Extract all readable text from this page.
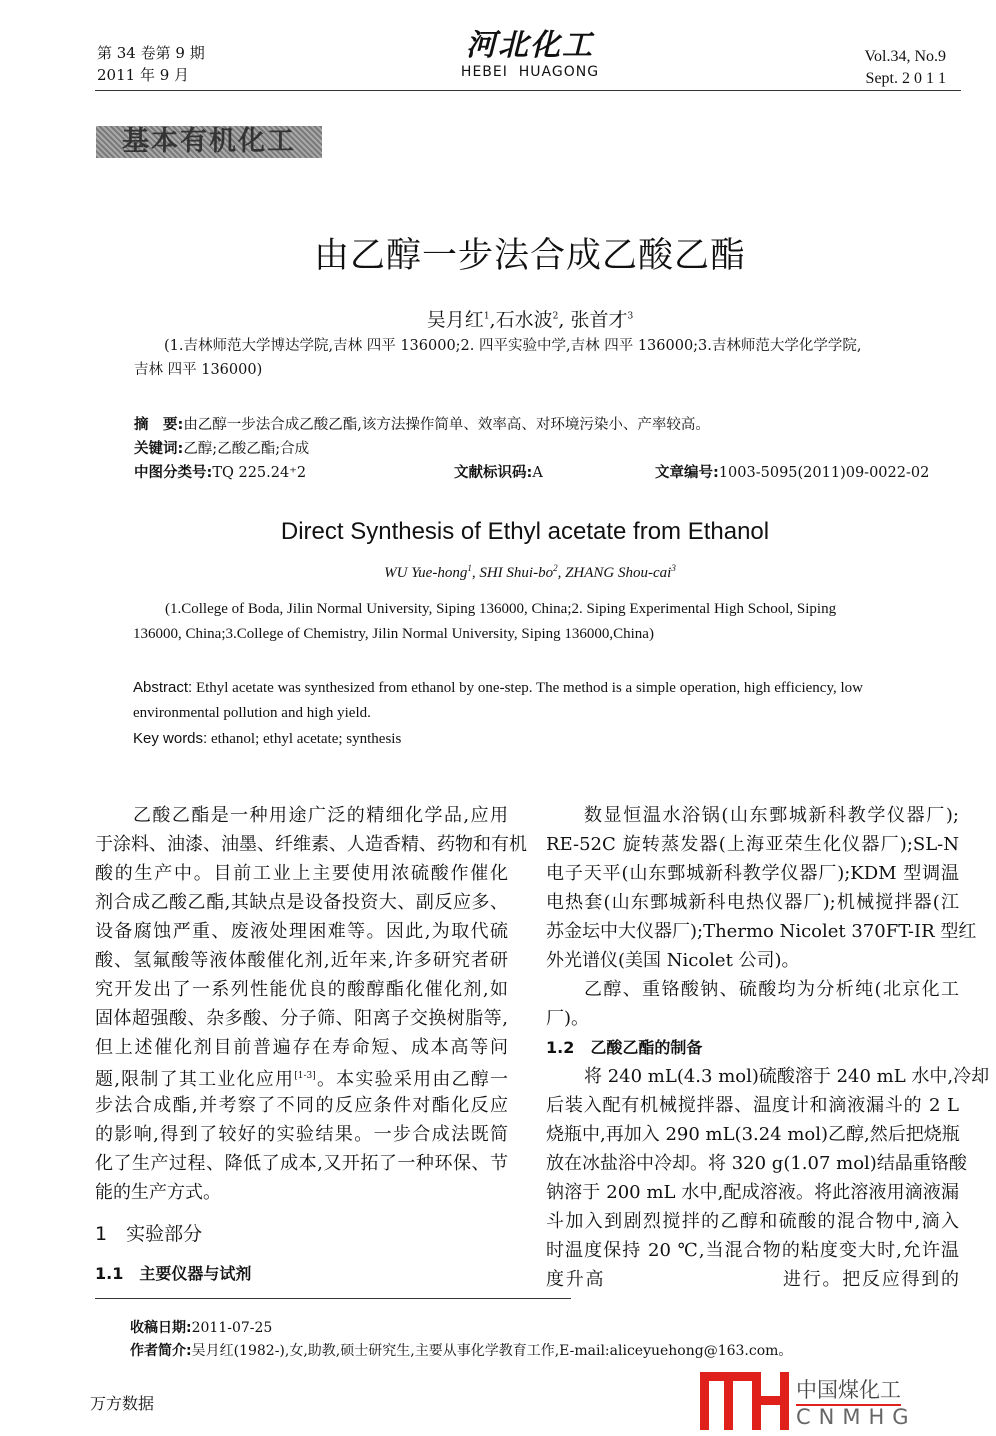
第 34 卷第 9 期
2011 年 9 月
河北化工
HEBEI  HUAGONG
Vol.34, No.9
Sept. 2 0 1 1
基本有机化工
由乙醇一步法合成乙酸乙酯
吴月红$^1$,石水波$^2$, 张首才$^3$
(1.吉林师范大学博达学院,吉林 四平 136000;2. 四平实验中学,吉林 四平 136000;3.吉林师范大学化学学院,
吉林 四平 136000)
摘　要:由乙醇一步法合成乙酸乙酯,该方法操作简单、效率高、对环境污染小、产率较高。
关键词:乙醇;乙酸乙酯;合成
中图分类号:TQ 225.24⁺2	文献标识码:A	文章编号:1003-5095(2011)09-0022-02
Direct Synthesis of Ethyl acetate from Ethanol
WU Yue-hong$^1$, SHI Shui-$bo^2$, ZHANG Shou-cai$^3$
(1.College of Boda, Jilin Normal University, Siping 136000, China;2. Siping Experimental High School, Siping
136000, China;3.College of Chemistry, Jilin Normal University, Siping 136000,China)
Abstract: Ethyl acetate was synthesized from ethanol by one-step. The method is a simple operation, high efficiency, low
environmental pollution and high yield.
Key words: ethanol; ethyl acetate; synthesis
乙酸乙酯是一种用途广泛的精细化学品,应用
于涂料、油漆、油墨、纤维素、人造香精、药物和有机
酸的生产中。目前工业上主要使用浓硫酸作催化
剂合成乙酸乙酯,其缺点是设备投资大、副反应多、
设备腐蚀严重、废液处理困难等。因此,为取代硫
酸、氢氟酸等液体酸催化剂,近年来,许多研究者研
究开发出了一系列性能优良的酸醇酯化催化剂,如
固体超强酸、杂多酸、分子筛、阳离子交换树脂等,
但上述催化剂目前普遍存在寿命短、成本高等问
题,限制了其工业化应用[1-3]。本实验采用由乙醇一
步法合成酯,并考察了不同的反应条件对酯化反应
的影响,得到了较好的实验结果。一步合成法既简
化了生产过程、降低了成本,又开拓了一种环保、节
能的生产方式。
1　实验部分
1.1　主要仪器与试剂
数显恒温水浴锅(山东鄄城新科教学仪器厂);
RE-52C 旋转蒸发器(上海亚荣生化仪器厂);SL-N
电子天平(山东鄄城新科教学仪器厂);KDM 型调温
电热套(山东鄄城新科电热仪器厂);机械搅拌器(江
苏金坛中大仪器厂);Thermo Nicolet 370FT-IR 型红
外光谱仪(美国 Nicolet 公司)。
乙醇、重铬酸钠、硫酸均为分析纯(北京化工
厂)。
1.2　乙酸乙酯的制备
将 240 mL(4.3 mol)硫酸溶于 240 mL 水中,冷却
后装入配有机械搅拌器、温度计和滴液漏斗的 2 L
烧瓶中,再加入 290 mL(3.24 mol)乙醇,然后把烧瓶
放在冰盐浴中冷却。将 320 g(1.07 mol)结晶重铬酸
钠溶于 200 mL 水中,配成溶液。将此溶液用滴液漏
斗加入到剧烈搅拌的乙醇和硫酸的混合物中,滴入
时温度保持 20 ℃,当混合物的粘度变大时,允许温
度升高　　　　　　　　　进行。把反应得到的
中国煤化工
CNMHG
收稿日期:2011-07-25
作者简介:吴月红(1982-),女,助教,硕士研究生,主要从事化学教育工作,E-mail:aliceyuehong@163.com。
万方数据
